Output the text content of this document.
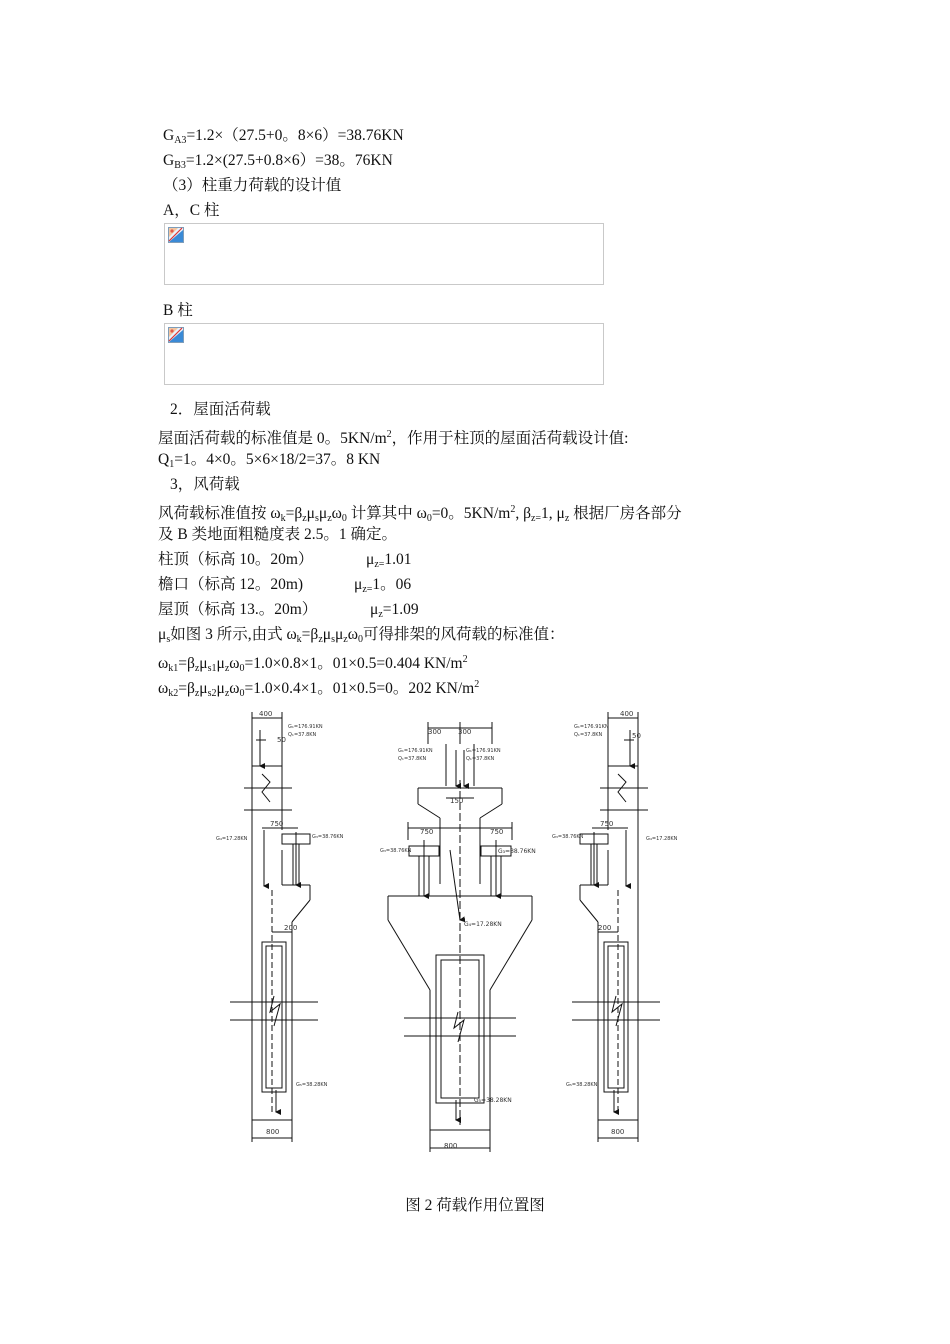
$G_{A3}=1.2\times(27.5+0$。8×6）=38.76KN
$G_{B3}=1.2\times(27.5+0.8\times 6)=38$。76KN
（3）柱重力荷载的设计值
A，C 柱
B 柱
2．屋面活荷载
屋面活荷载的标准值是 0。$5KN/m^2$，作用于柱顶的屋面活荷载设计值:
$Q_1=1$。4×0。5×6×18/2=37。8 KN
3，风荷载
风荷载标准值按 $\omega_k=\beta_z\mu_s\mu_z\omega_0$ 计算其中 $\omega_0=0$。$5KN/m^2$, $\beta_{z=}1$, $\mu_z$ 根据厂房各部分
及 B 类地面粗糙度表 2.5。1 确定。
柱顶（标高 10。20m）	$\mu_{z=}1.01$
檐口（标高 12。20m)	$\mu_{z=}1$。06
屋顶（标高 13.。20m）	$\mu_z=1.09$
$\mu_s$如图 3 所示,由式 $\omega_k=\beta_z\mu_s\mu_z\omega_0$可得排架的风荷载的标准值：
$\omega_{k1}=\beta_z\mu_{s1}\mu_z\omega_0=1.0\times 0.8\times 1$。01×0.5=0.404 $KN/m^2$
$\omega_{k2}=\beta_z\mu_{s2}\mu_z\omega_0=1.0\times 0.4\times 1$。01×0.5=0。202 $KN/m^2$
400
50
G₁=176.91KN
Q₁=37.8KN
750
G₄=17.28KN	G₃=38.76KN
200
G₅=38.28KN
800
300 300
G₁=176.91KN
Q₁=37.8KN
G₁=176.91KN
Q₁=37.8KN
150
750	750
G₃=38.76KN	G₃=38.76KN
G₄=17.28KN
G₅=38.28KN
800
400
50
G₁=176.91KN
Q₁=37.8KN
750
G₃=38.76KN	G₄=17.28KN
200
G₅=38.28KN
800
图 2 荷载作用位置图
